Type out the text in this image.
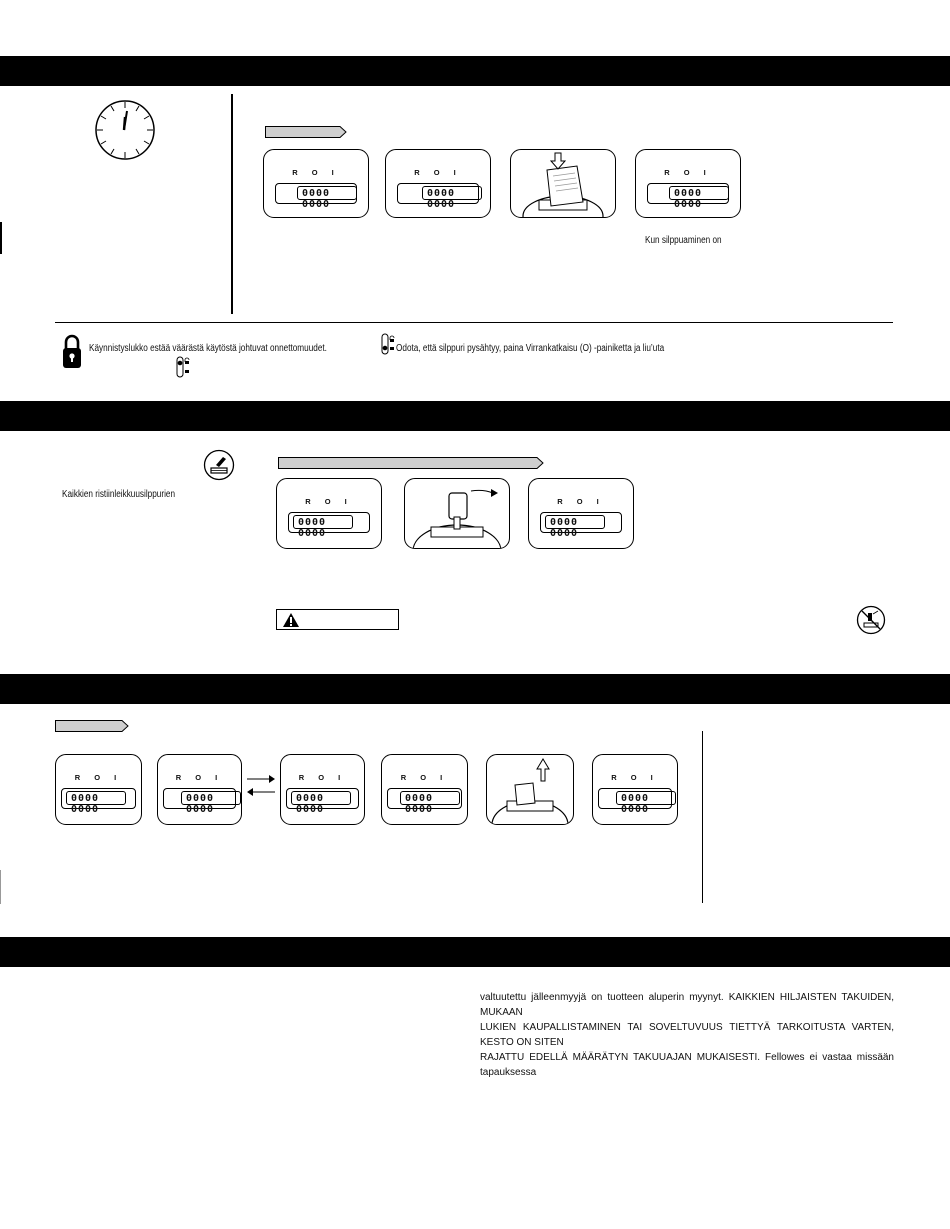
R O I
0000 0000
R O I
0000 0000
R O I
0000 0000
Kun silppuaminen on
Käynnistyslukko estää väärästä käytöstä johtuvat onnettomuudet.	Odota, että silppuri pysähtyy, paina Virrankatkaisu (O) -painiketta ja liu’uta
Kaikkien ristiinleikkuusilppurien
R O I
0000 0000
R O I
0000 0000
R O I
0000 0000
R O I
0000 0000
R O I
0000 0000
R O I
0000 0000
R O I
0000 0000
valtuutettu jälleenmyyjä on tuotteen aluperin myynyt. KAIKKIEN HILJAISTEN TAKUIDEN, MUKAAN
LUKIEN KAUPALLISTAMINEN TAI SOVELTUVUUS TIETTYÄ TARKOITUSTA VARTEN, KESTO ON SITEN
RAJATTU EDELLÄ MÄÄRÄTYN TAKUUAJAN MUKAISESTI. Fellowes ei vastaa missään tapauksessa
